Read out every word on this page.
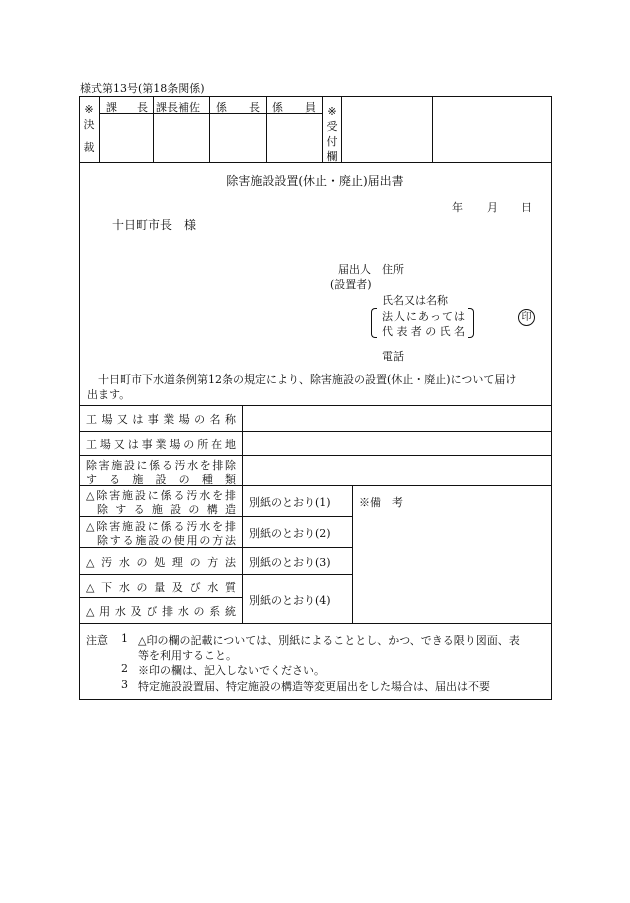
様式第13号(第18条関係)
※
決
裁
課長 課長補佐 係長 係員 ※
受
付
欄
除害施設設置(休止・廃止)届出書
年 月 日
十日町市長　様
届出人 住所
(設置者)
氏名又は名称
法人にあっては
代表者の氏名
印
電話
十日町市下水道条例第12条の規定により、除害施設の設置(休止・廃止)について届け
出ます。
工場又は事業場の名称
工場又は事業場の所在地
除害施設に係る汚水を排除
する施設の種類
△除害施設に係る汚水を排
除する施設の構造
△除害施設に係る汚水を排
除する施設の使用の方法
△汚水の処理の方法
△下水の量及び水質
△用水及び排水の系統
別紙のとおり(1)
別紙のとおり(2)
別紙のとおり(3)
別紙のとおり(4)
※備　考
注意 1 △印の欄の記載については、別紙によることとし、かつ、できる限り図面、表
等を利用すること。
2 ※印の欄は、記入しないでください。
3 特定施設設置届、特定施設の構造等変更届出をした場合は、届出は不要
